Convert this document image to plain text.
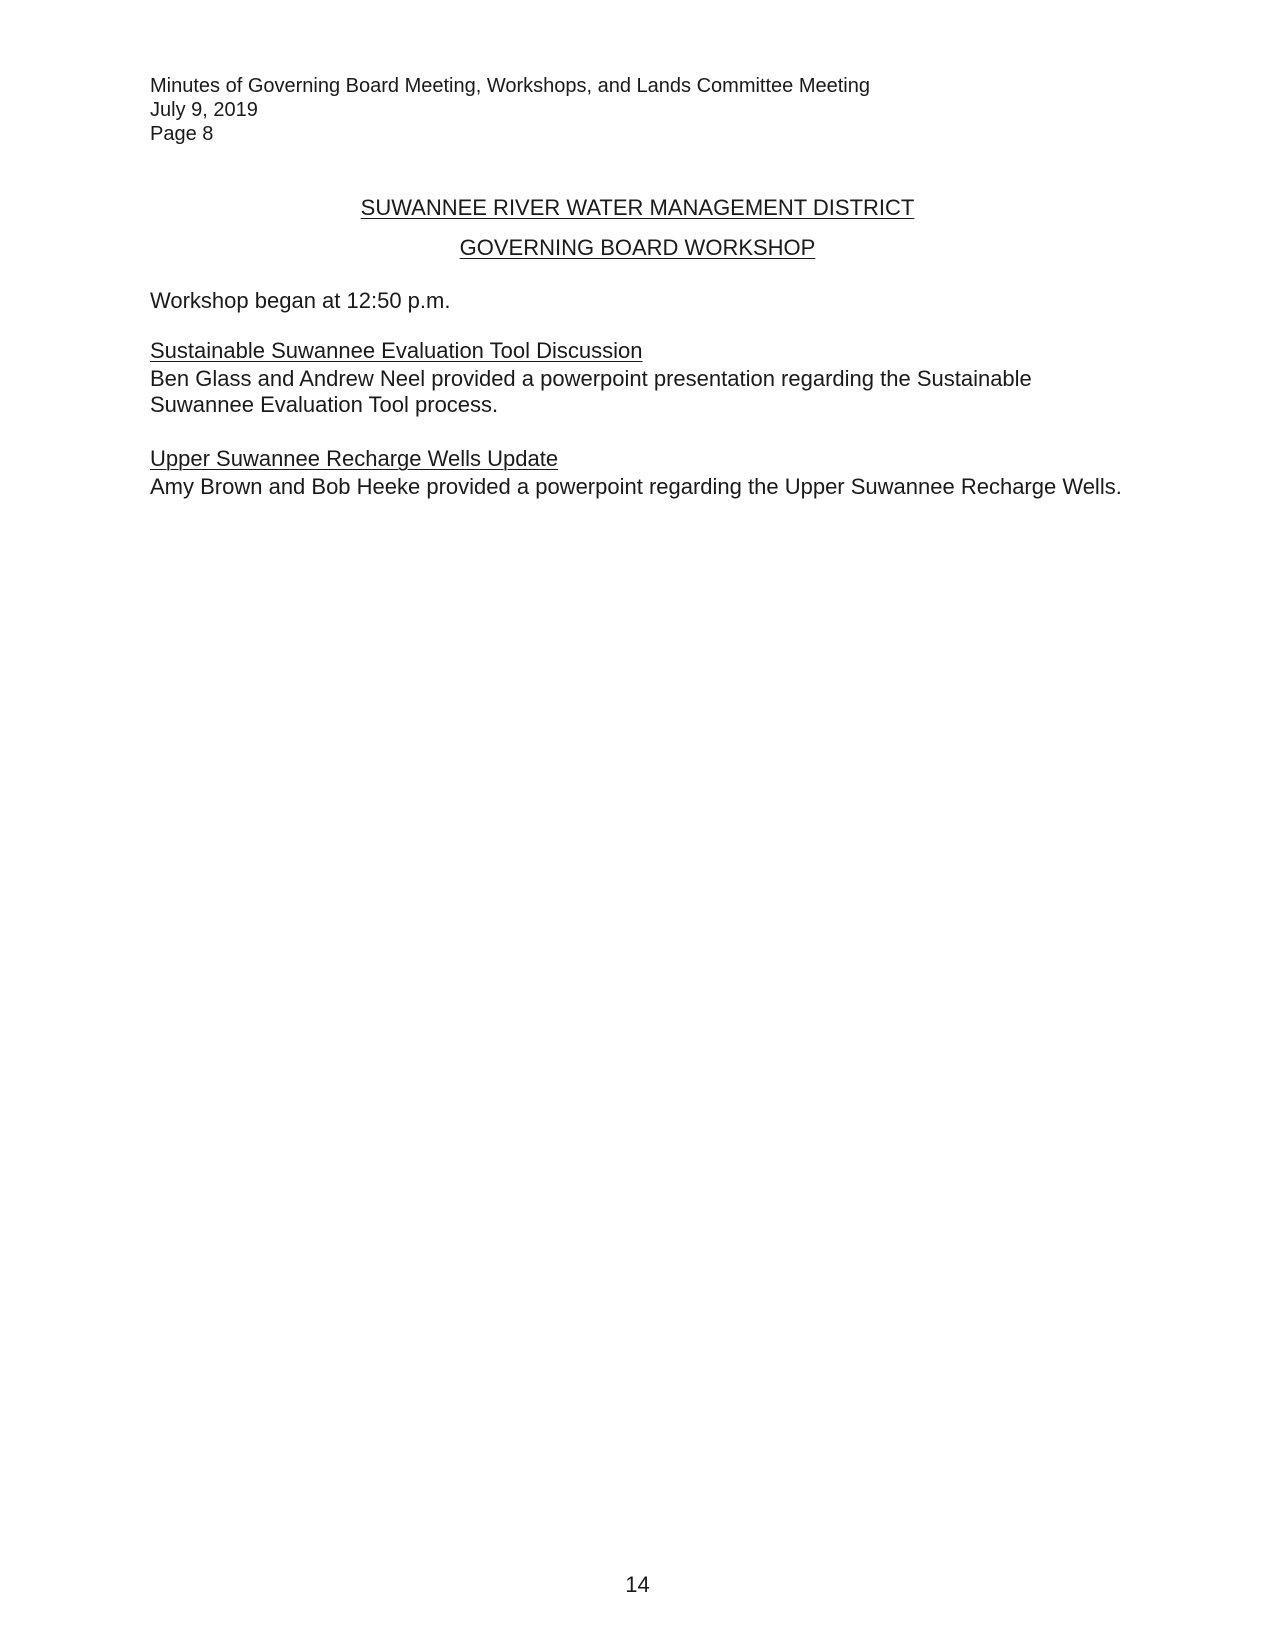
Minutes of Governing Board Meeting, Workshops, and Lands Committee Meeting
July 9, 2019
Page 8
SUWANNEE RIVER WATER MANAGEMENT DISTRICT
GOVERNING BOARD WORKSHOP
Workshop began at 12:50 p.m.
Sustainable Suwannee Evaluation Tool Discussion
Ben Glass and Andrew Neel provided a powerpoint presentation regarding the Sustainable Suwannee Evaluation Tool process.
Upper Suwannee Recharge Wells Update
Amy Brown and Bob Heeke provided a powerpoint regarding the Upper Suwannee Recharge Wells.
14
